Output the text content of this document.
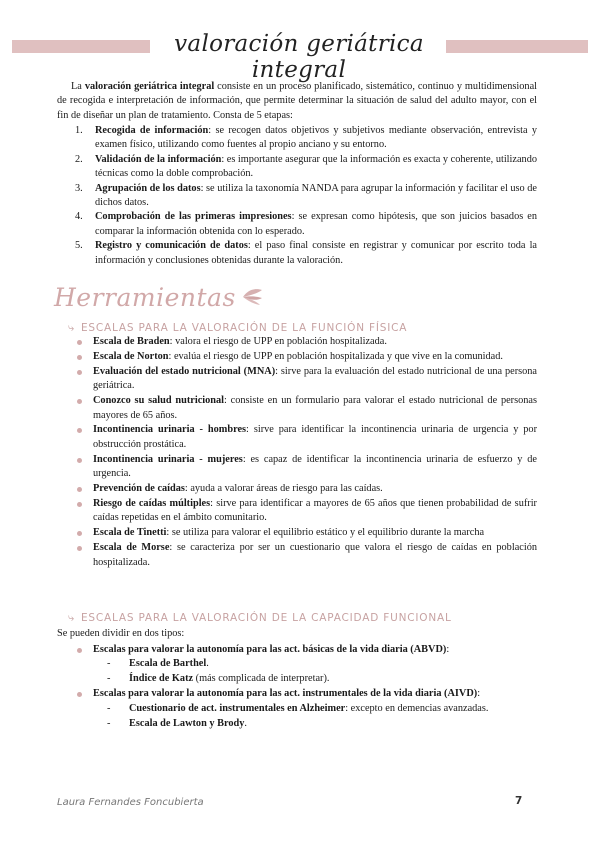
valoración geriátrica integral

La valoración geriátrica integral consiste en un proceso planificado, sistemático, continuo y multidimensional de recogida e interpretación de información, que permite determinar la situación de salud del adulto mayor, con el fin de diseñar un plan de tratamiento. Consta de 5 etapas:

1. Recogida de información: se recogen datos objetivos y subjetivos mediante observación, entrevista y examen físico, utilizando como fuentes al propio anciano y su entorno.
2. Validación de la información: es importante asegurar que la información es exacta y coherente, utilizando técnicas como la doble comprobación.
3. Agrupación de los datos: se utiliza la taxonomía NANDA para agrupar la información y facilitar el uso de dichos datos.
4. Comprobación de las primeras impresiones: se expresan como hipótesis, que son juicios basados en comparar la información obtenida con lo esperado.
5. Registro y comunicación de datos: el paso final consiste en registrar y comunicar por escrito toda la información y conclusiones obtenidas durante la valoración.
Herramientas
⤷ ESCALAS PARA LA VALORACIÓN DE LA FUNCIÓN FÍSICA
Escala de Braden: valora el riesgo de UPP en población hospitalizada.
Escala de Norton: evalúa el riesgo de UPP en población hospitalizada y que vive en la comunidad.
Evaluación del estado nutricional (MNA): sirve para la evaluación del estado nutricional de una persona geriátrica.
Conozco su salud nutricional: consiste en un formulario para valorar el estado nutricional de personas mayores de 65 años.
Incontinencia urinaria - hombres: sirve para identificar la incontinencia urinaria de urgencia y por obstrucción prostática.
Incontinencia urinaria - mujeres: es capaz de identificar la incontinencia urinaria de esfuerzo y de urgencia.
Prevención de caídas: ayuda a valorar áreas de riesgo para las caídas.
Riesgo de caídas múltiples: sirve para identificar a mayores de 65 años que tienen probabilidad de sufrir caídas repetidas en el ámbito comunitario.
Escala de Tinetti: se utiliza para valorar el equilibrio estático y el equilibrio durante la marcha
Escala de Morse: se caracteriza por ser un cuestionario que valora el riesgo de caídas en población hospitalizada.
⤷ ESCALAS PARA LA VALORACIÓN DE LA CAPACIDAD FUNCIONAL

Se pueden dividir en dos tipos:

Escalas para valorar la autonomía para las act. básicas de la vida diaria (ABVD):
- Escala de Barthel.
- Índice de Katz (más complicada de interpretar).
Escalas para valorar la autonomía para las act. instrumentales de la vida diaria (AIVD):
- Cuestionario de act. instrumentales en Alzheimer: excepto en demencias avanzadas.
- Escala de Lawton y Brody.
Laura Fernandes Foncubierta	7
